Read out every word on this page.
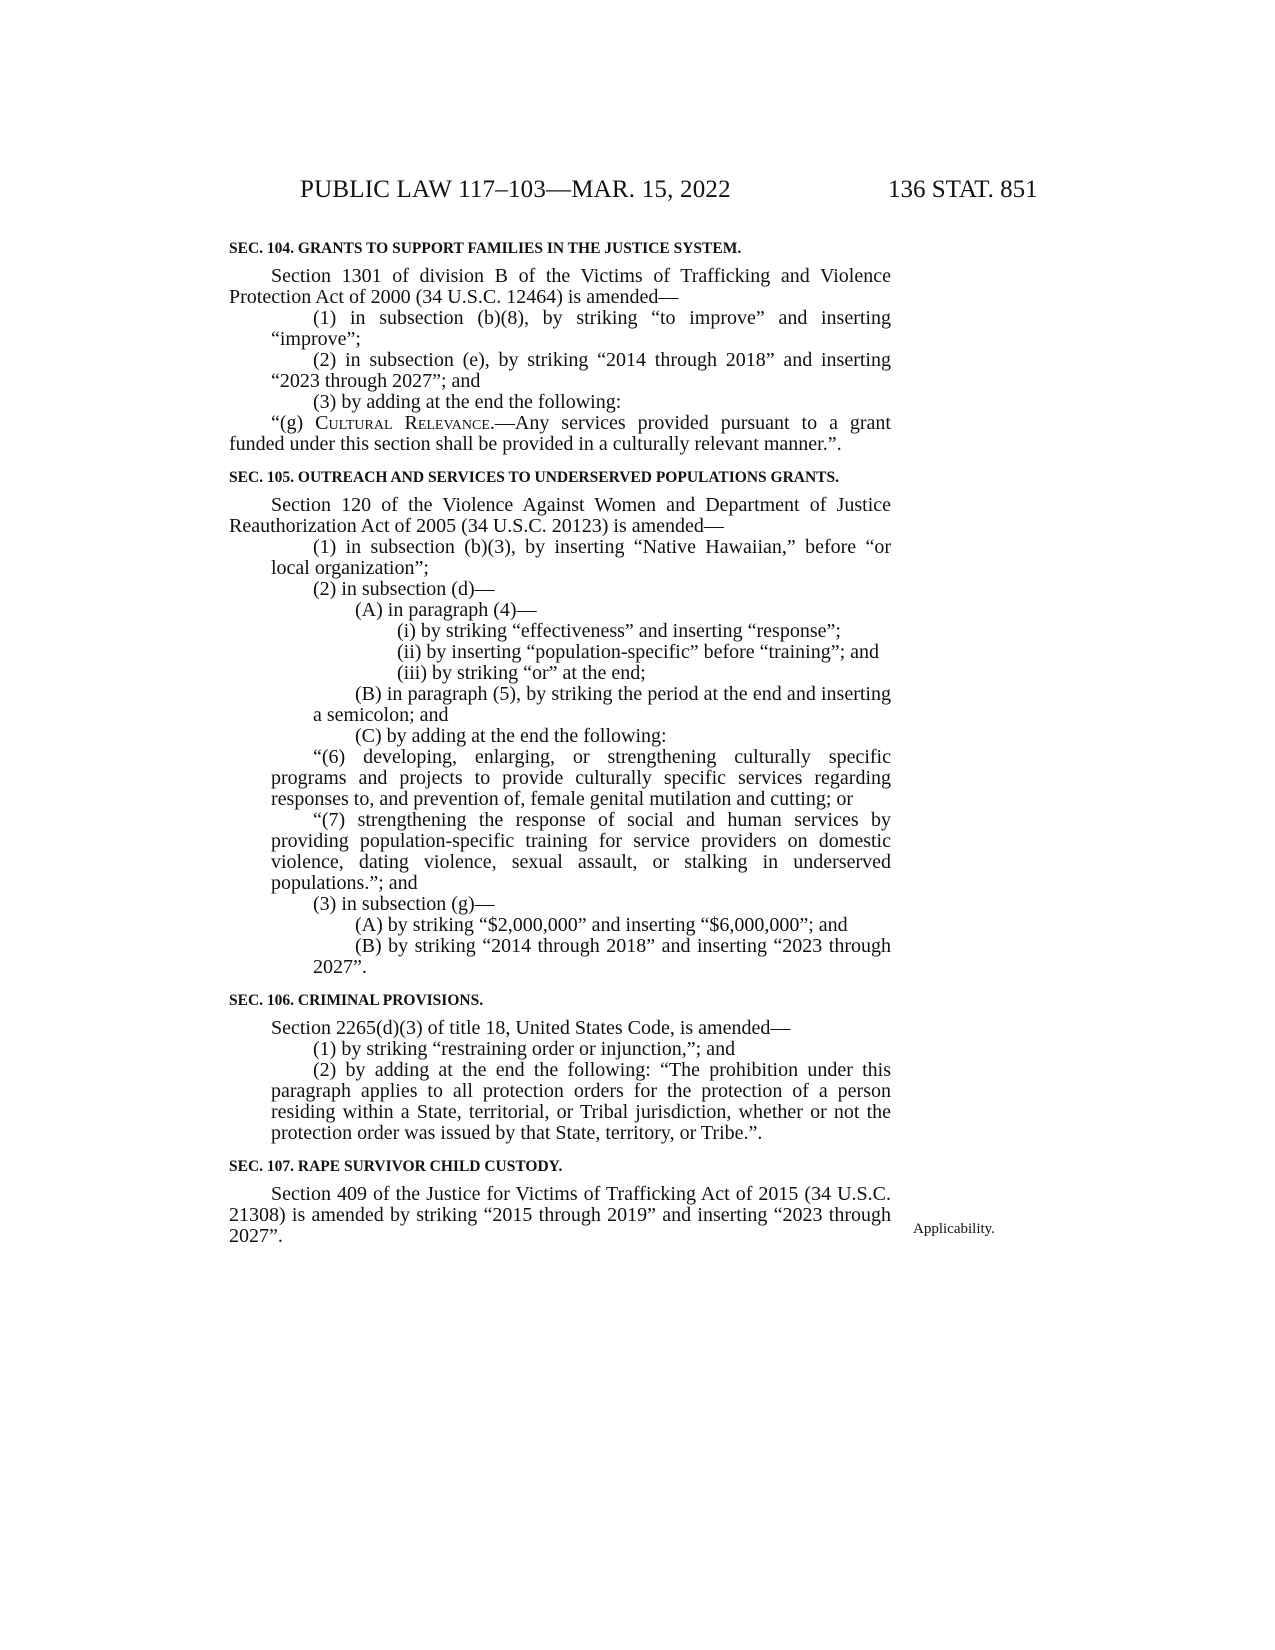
PUBLIC LAW 117–103—MAR. 15, 2022	136 STAT. 851

SEC. 104. GRANTS TO SUPPORT FAMILIES IN THE JUSTICE SYSTEM.

Section 1301 of division B of the Victims of Trafficking and Violence Protection Act of 2000 (34 U.S.C. 12464) is amended—

(1) in subsection (b)(8), by striking “to improve” and inserting “improve”;

(2) in subsection (e), by striking “2014 through 2018” and inserting “2023 through 2027”; and

(3) by adding at the end the following:

“(g) Cultural Relevance.—Any services provided pursuant to a grant funded under this section shall be provided in a culturally relevant manner.”.

SEC. 105. OUTREACH AND SERVICES TO UNDERSERVED POPULATIONS GRANTS.

Section 120 of the Violence Against Women and Department of Justice Reauthorization Act of 2005 (34 U.S.C. 20123) is amended—

(1) in subsection (b)(3), by inserting “Native Hawaiian,” before “or local organization”;

(2) in subsection (d)—

(A) in paragraph (4)—

(i) by striking “effectiveness” and inserting “response”;

(ii) by inserting “population-specific” before “training”; and

(iii) by striking “or” at the end;

(B) in paragraph (5), by striking the period at the end and inserting a semicolon; and

(C) by adding at the end the following:

“(6) developing, enlarging, or strengthening culturally specific programs and projects to provide culturally specific services regarding responses to, and prevention of, female genital mutilation and cutting; or

“(7) strengthening the response of social and human services by providing population-specific training for service providers on domestic violence, dating violence, sexual assault, or stalking in underserved populations.”; and

(3) in subsection (g)—

(A) by striking “$2,000,000” and inserting “$6,000,000”; and

(B) by striking “2014 through 2018” and inserting “2023 through 2027”.

SEC. 106. CRIMINAL PROVISIONS.

Section 2265(d)(3) of title 18, United States Code, is amended—

(1) by striking “restraining order or injunction,”; and

(2) by adding at the end the following: “The prohibition under this paragraph applies to all protection orders for the protection of a person residing within a State, territorial, or Tribal jurisdiction, whether or not the protection order was issued by that State, territory, or Tribe.”.

SEC. 107. RAPE SURVIVOR CHILD CUSTODY.

Section 409 of the Justice for Victims of Trafficking Act of 2015 (34 U.S.C. 21308) is amended by striking “2015 through 2019” and inserting “2023 through 2027”.	Applicability.
